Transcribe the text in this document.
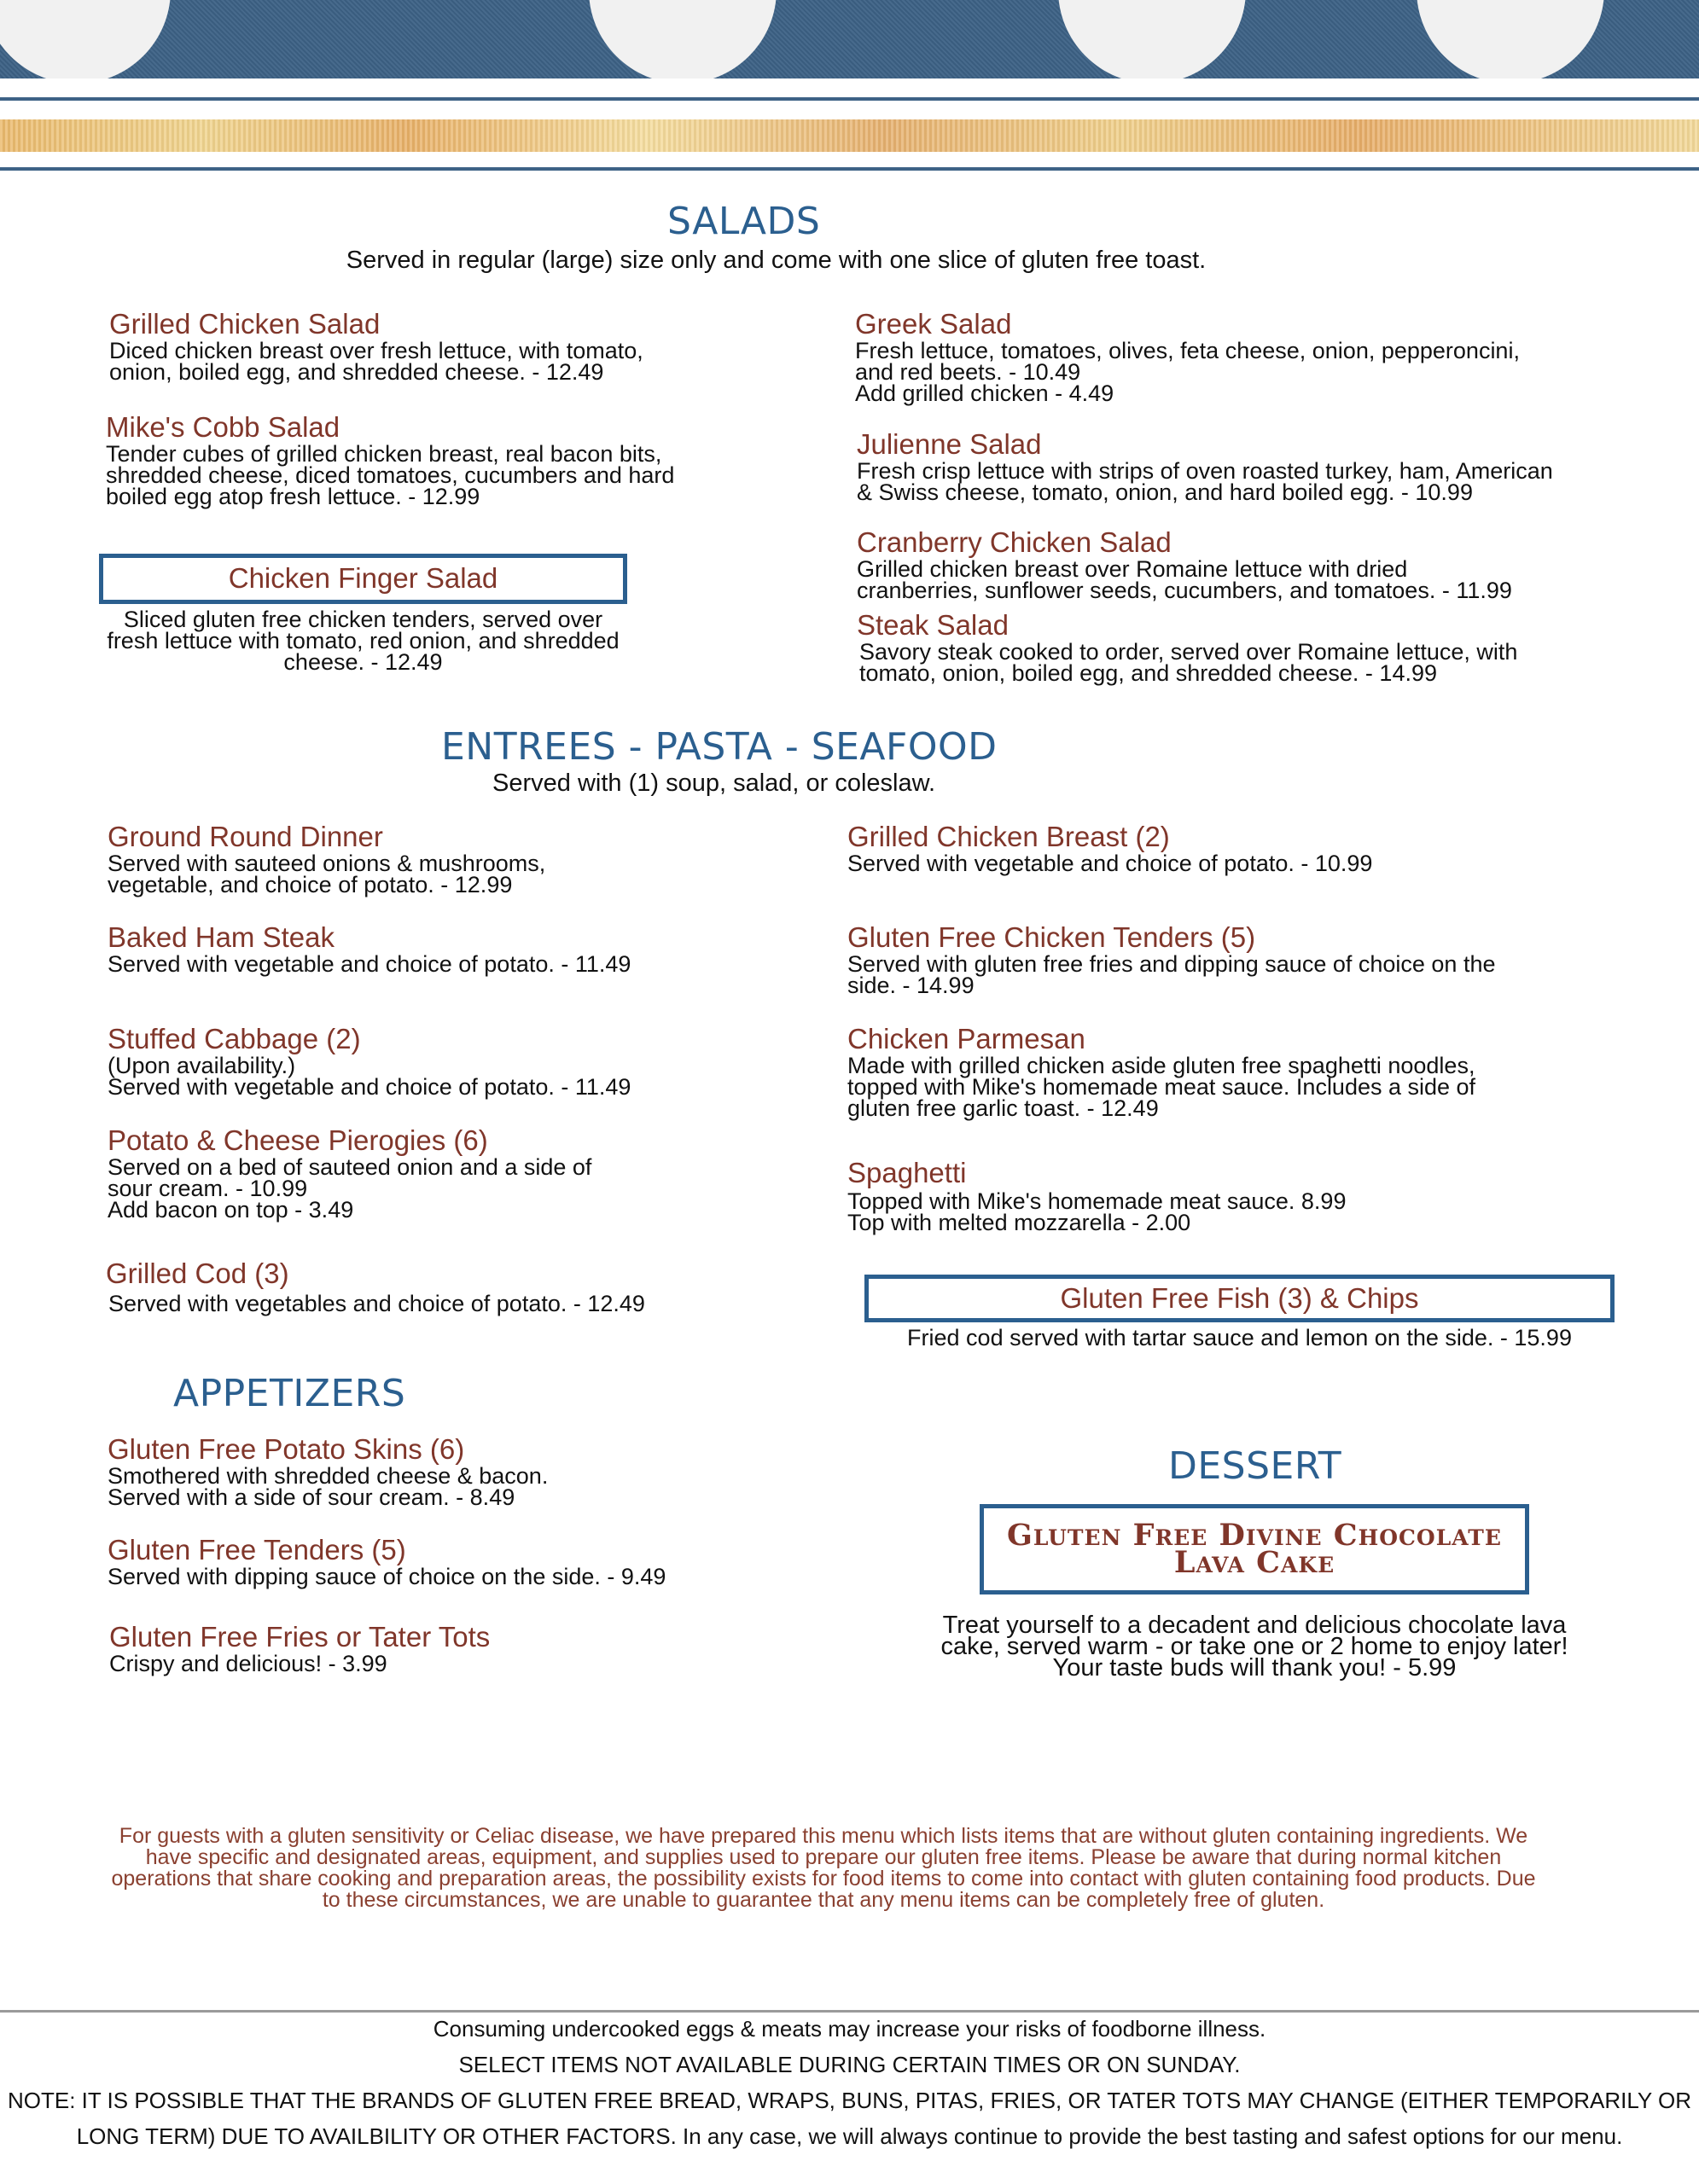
SALADS
Served in regular (large) size only and come with one slice of gluten free toast.
Grilled Chicken Salad
Diced chicken breast over fresh lettuce, with tomato,
onion, boiled egg, and shredded cheese. - 12.49
Mike's Cobb Salad
Tender cubes of grilled chicken breast, real bacon bits,
shredded cheese, diced tomatoes, cucumbers and hard
boiled egg atop fresh lettuce. - 12.99
Chicken Finger Salad
Sliced gluten free chicken tenders, served over
fresh lettuce with tomato, red onion, and shredded
cheese. - 12.49
Greek Salad
Fresh lettuce, tomatoes, olives, feta cheese, onion, pepperoncini,
and red beets. - 10.49
Add grilled chicken - 4.49
Julienne Salad
Fresh crisp lettuce with strips of oven roasted turkey, ham, American
& Swiss cheese, tomato, onion, and hard boiled egg. - 10.99
Cranberry Chicken Salad
Grilled chicken breast over Romaine lettuce with dried
cranberries, sunflower seeds, cucumbers, and tomatoes. - 11.99
Steak Salad
Savory steak cooked to order, served over Romaine lettuce, with
tomato, onion, boiled egg, and shredded cheese. - 14.99
ENTREES - PASTA - SEAFOOD
Served with (1) soup, salad, or coleslaw.
Ground Round Dinner
Served with sauteed onions & mushrooms,
vegetable, and choice of potato. - 12.99
Baked Ham Steak
Served with vegetable and choice of potato. - 11.49
Stuffed Cabbage (2)
(Upon availability.)
Served with vegetable and choice of potato. - 11.49
Potato & Cheese Pierogies (6)
Served on a bed of sauteed onion and a side of
sour cream. - 10.99
Add bacon on top - 3.49
Grilled Cod (3)
Served with vegetables and choice of potato. - 12.49
Grilled Chicken Breast (2)
Served with vegetable and choice of potato. - 10.99
Gluten Free Chicken Tenders (5)
Served with gluten free fries and dipping sauce of choice on the
side. - 14.99
Chicken Parmesan
Made with grilled chicken aside gluten free spaghetti noodles,
topped with Mike's homemade meat sauce. Includes a side of
gluten free garlic toast. - 12.49
Spaghetti
Topped with Mike's homemade meat sauce. 8.99
Top with melted mozzarella - 2.00
Gluten Free Fish (3) & Chips
Fried cod served with tartar sauce and lemon on the side. - 15.99
APPETIZERS
Gluten Free Potato Skins (6)
Smothered with shredded cheese & bacon.
Served with a side of sour cream. - 8.49
Gluten Free Tenders (5)
Served with dipping sauce of choice on the side. - 9.49
Gluten Free Fries or Tater Tots
Crispy and delicious! - 3.99
DESSERT
Gluten Free Divine Chocolate
Lava Cake
Treat yourself to a decadent and delicious chocolate lava
cake, served warm - or take one or 2 home to enjoy later!
Your taste buds will thank you! - 5.99
For guests with a gluten sensitivity or Celiac disease, we have prepared this menu which lists items that are without gluten containing ingredients. We have specific and designated areas, equipment, and supplies used to prepare our gluten free items. Please be aware that during normal kitchen operations that share cooking and preparation areas, the possibility exists for food items to come into contact with gluten containing food products. Due to these circumstances, we are unable to guarantee that any menu items can be completely free of gluten.
Consuming undercooked eggs & meats may increase your risks of foodborne illness.
SELECT ITEMS NOT AVAILABLE DURING CERTAIN TIMES OR ON SUNDAY.
NOTE: IT IS POSSIBLE THAT THE BRANDS OF GLUTEN FREE BREAD, WRAPS, BUNS, PITAS, FRIES, OR TATER TOTS MAY CHANGE (EITHER TEMPORARILY OR
LONG TERM) DUE TO AVAILBILITY OR OTHER FACTORS. In any case, we will always continue to provide the best tasting and safest options for our menu.
